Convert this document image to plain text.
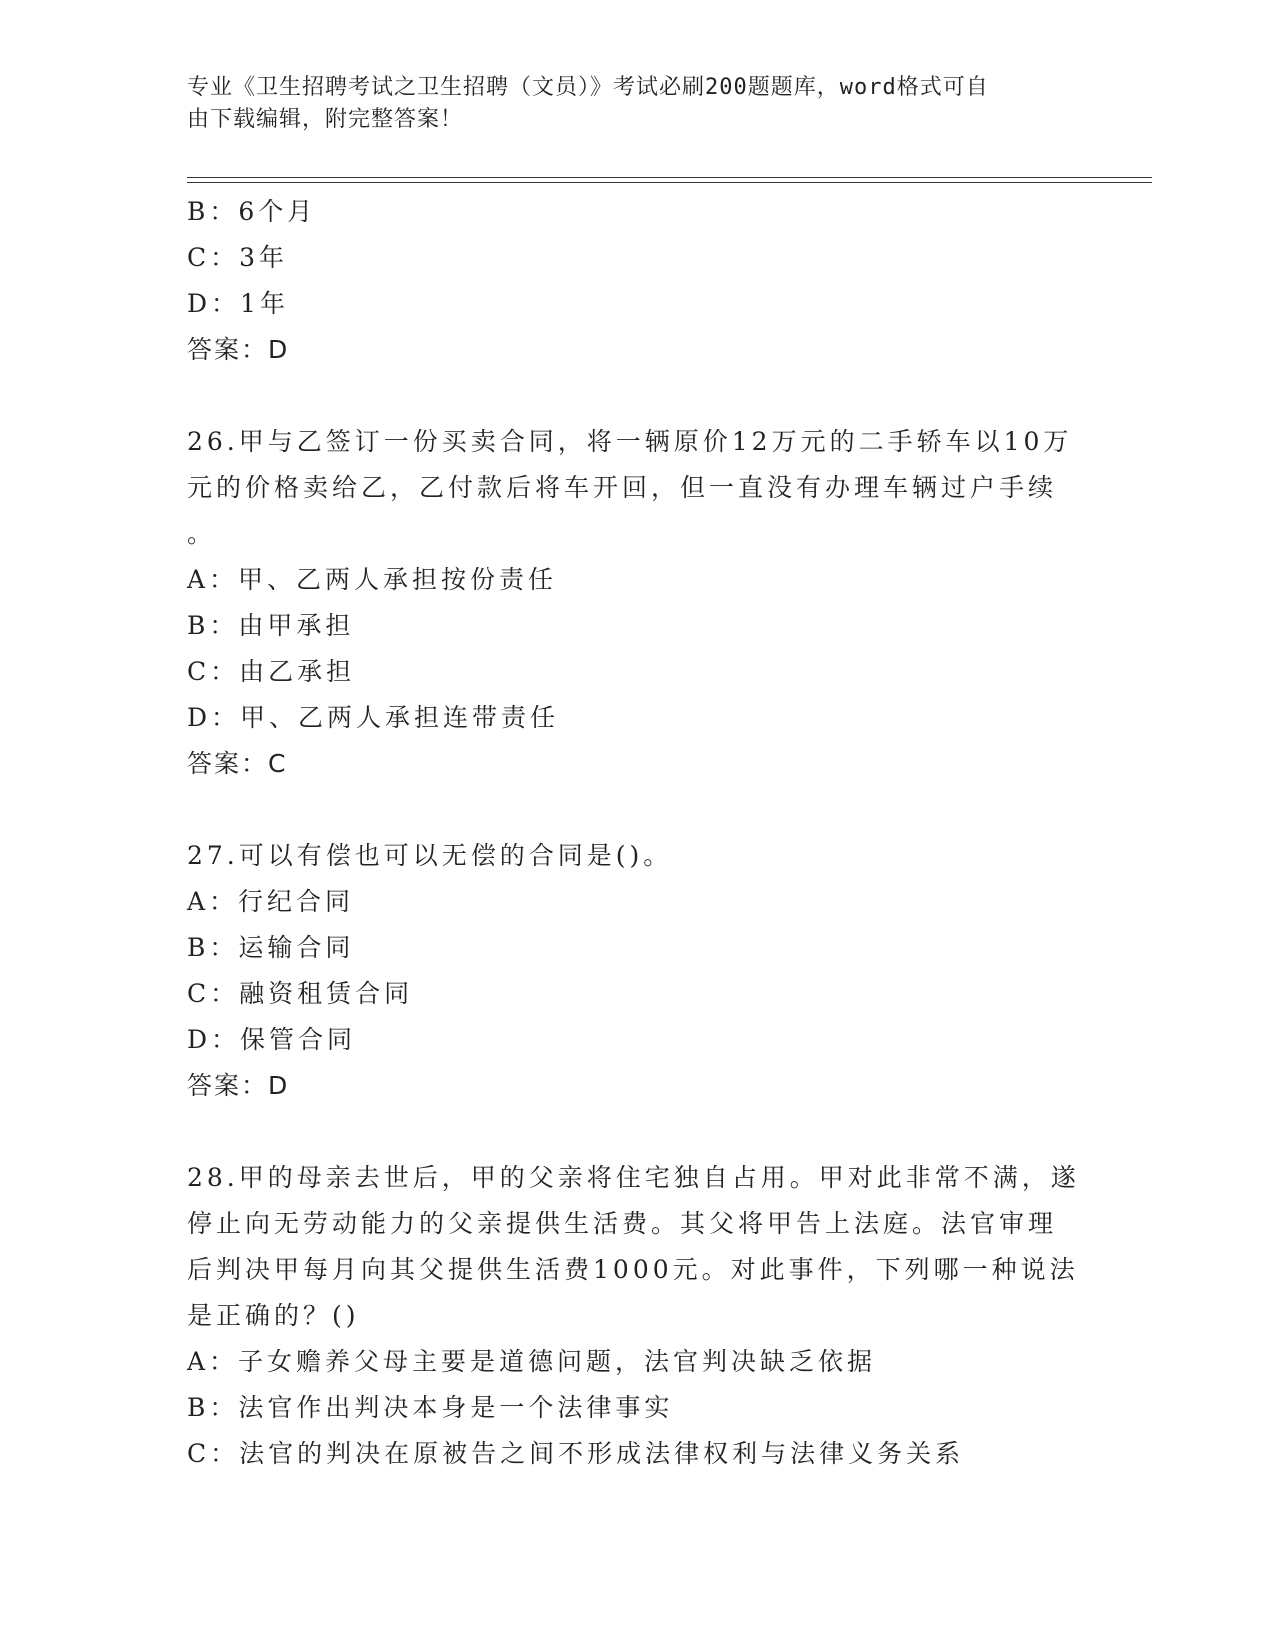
专业《卫生招聘考试之卫生招聘（文员）》考试必刷200题题库，word格式可自
由下载编辑，附完整答案！
B：6个月
C：3年
D：1年
答案：D
26.甲与乙签订一份买卖合同，将一辆原价12万元的二手轿车以10万
元的价格卖给乙，乙付款后将车开回，但一直没有办理车辆过户手续
。
A：甲、乙两人承担按份责任
B：由甲承担
C：由乙承担
D：甲、乙两人承担连带责任
答案：C
27.可以有偿也可以无偿的合同是()。
A：行纪合同
B：运输合同
C：融资租赁合同
D：保管合同
答案：D
28.甲的母亲去世后，甲的父亲将住宅独自占用。甲对此非常不满，遂
停止向无劳动能力的父亲提供生活费。其父将甲告上法庭。法官审理
后判决甲每月向其父提供生活费1000元。对此事件，下列哪一种说法
是正确的？()
A：子女赡养父母主要是道德问题，法官判决缺乏依据
B：法官作出判决本身是一个法律事实
C：法官的判决在原被告之间不形成法律权利与法律义务关系
